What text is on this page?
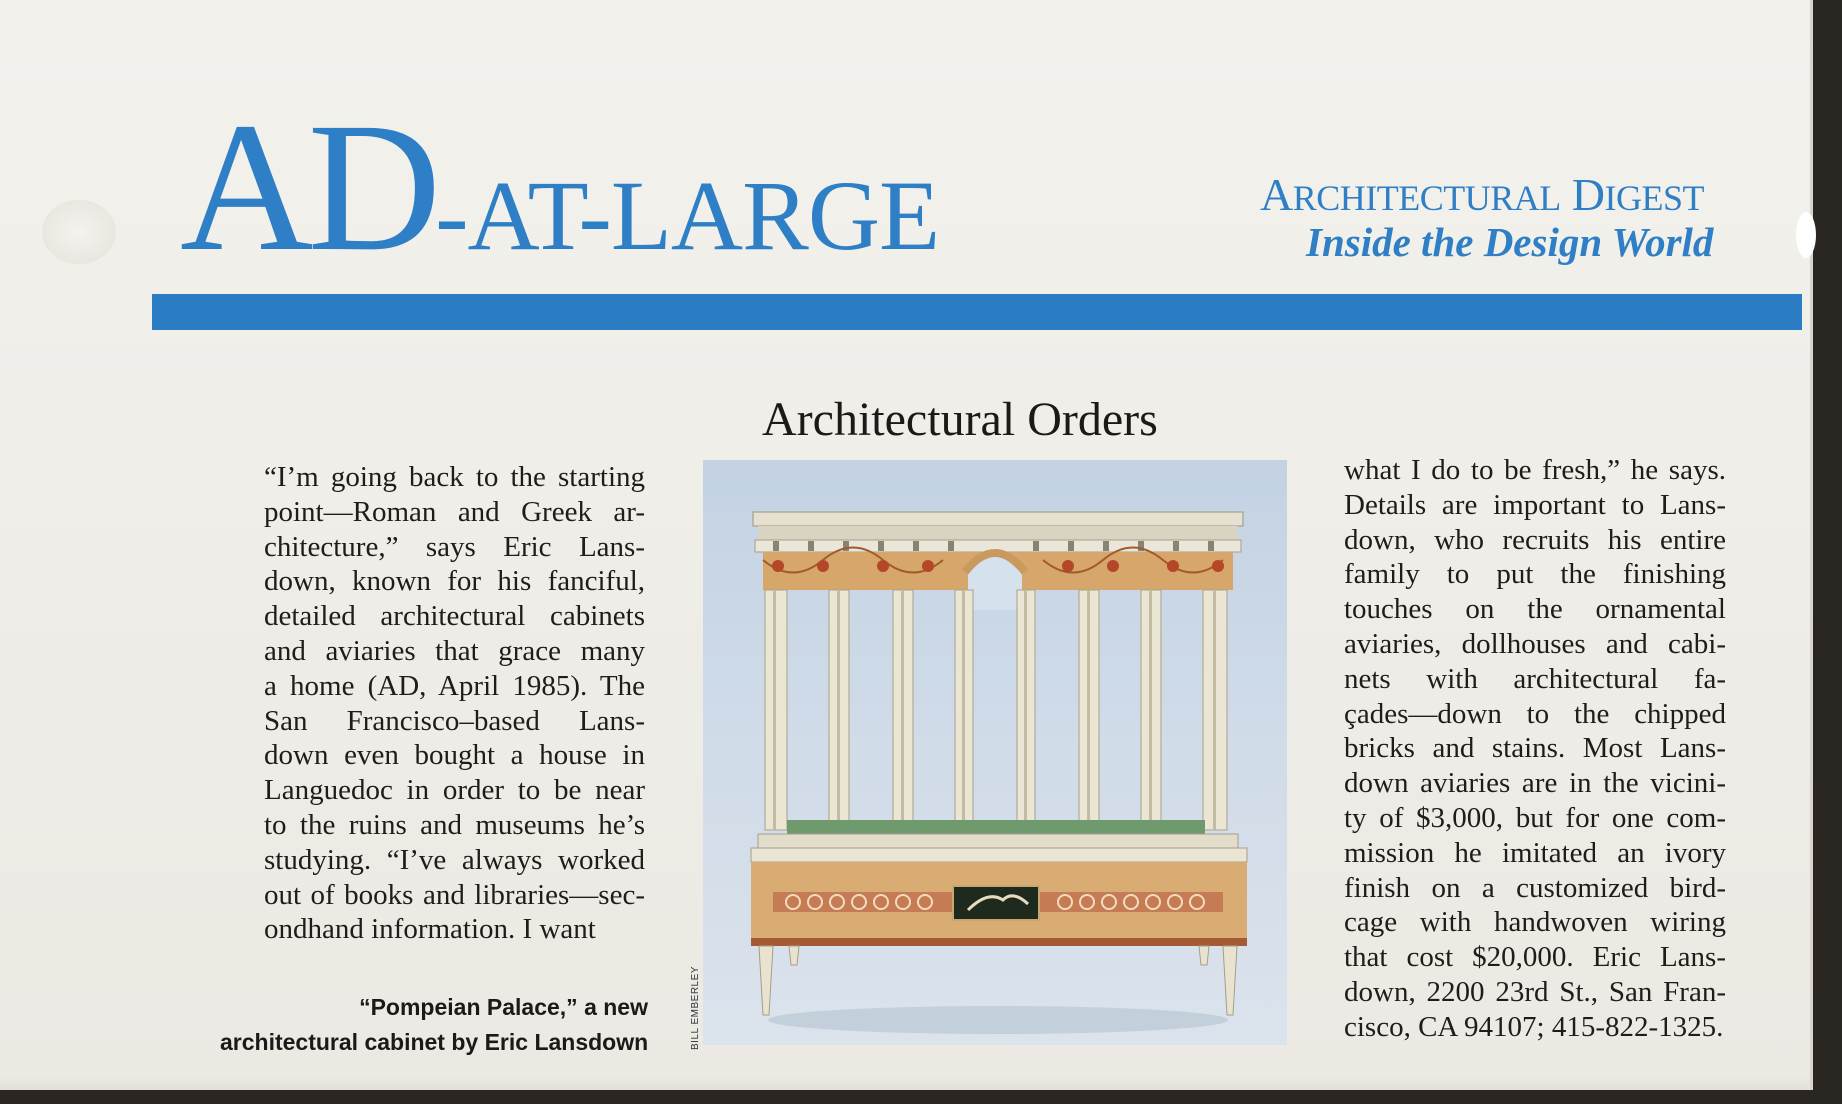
AD-AT-LARGE	ARCHITECTURAL DIGEST
Inside the Design World
Architectural Orders
“I’m going back to the starting
point—Roman and Greek ar-
chitecture,” says Eric Lans-
down, known for his fanciful,
detailed architectural cabinets
and aviaries that grace many
a home (AD, April 1985). The
San Francisco–based Lans-
down even bought a house in
Languedoc in order to be near
to the ruins and museums he’s
studying. “I’ve always worked
out of books and libraries—sec-
ondhand information. I want
BILL EMBERLEY
what I do to be fresh,” he says.
Details are important to Lans-
down, who recruits his entire
family to put the finishing
touches on the ornamental
aviaries, dollhouses and cabi-
nets with architectural fa-
çades—down to the chipped
bricks and stains. Most Lans-
down aviaries are in the vicini-
ty of $3,000, but for one com-
mission he imitated an ivory
finish on a customized bird-
cage with handwoven wiring
that cost $20,000. Eric Lans-
down, 2200 23rd St., San Fran-
cisco, CA 94107; 415-822-1325.
“Pompeian Palace,” a new
architectural cabinet by Eric Lansdown
